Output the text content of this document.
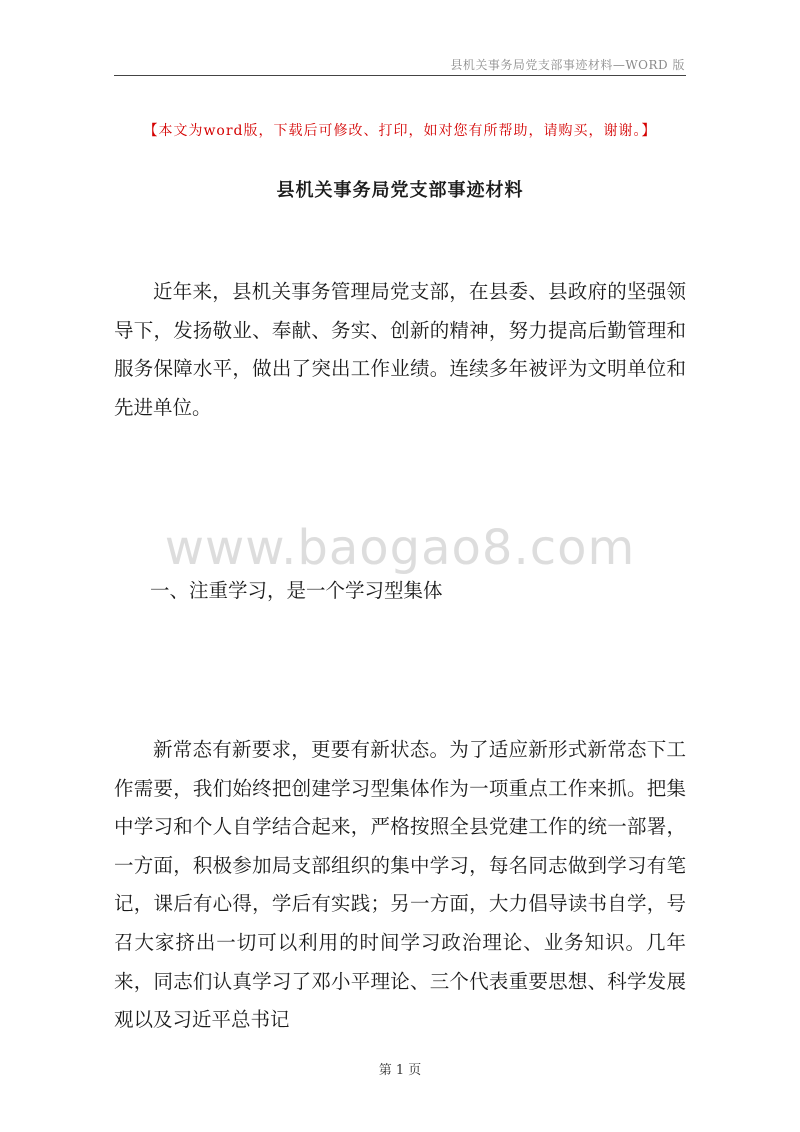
县机关事务局党支部事迹材料—WORD 版
【本文为word版，下载后可修改、打印，如对您有所帮助，请购买，谢谢。】
县机关事务局党支部事迹材料

近年来，县机关事务管理局党支部，在县委、县政府的坚强领导下，发扬敬业、奉献、务实、创新的精神，努力提高后勤管理和服务保障水平，做出了突出工作业绩。连续多年被评为文明单位和先进单位。

www.baogao8.com

一、注重学习，是一个学习型集体

新常态有新要求，更要有新状态。为了适应新形式新常态下工作需要，我们始终把创建学习型集体作为一项重点工作来抓。把集中学习和个人自学结合起来，严格按照全县党建工作的统一部署，一方面，积极参加局支部组织的集中学习，每名同志做到学习有笔记，课后有心得，学后有实践；另一方面，大力倡导读书自学，号召大家挤出一切可以利用的时间学习政治理论、业务知识。几年来，同志们认真学习了邓小平理论、三个代表重要思想、科学发展观以及习近平总书记

第 1 页
